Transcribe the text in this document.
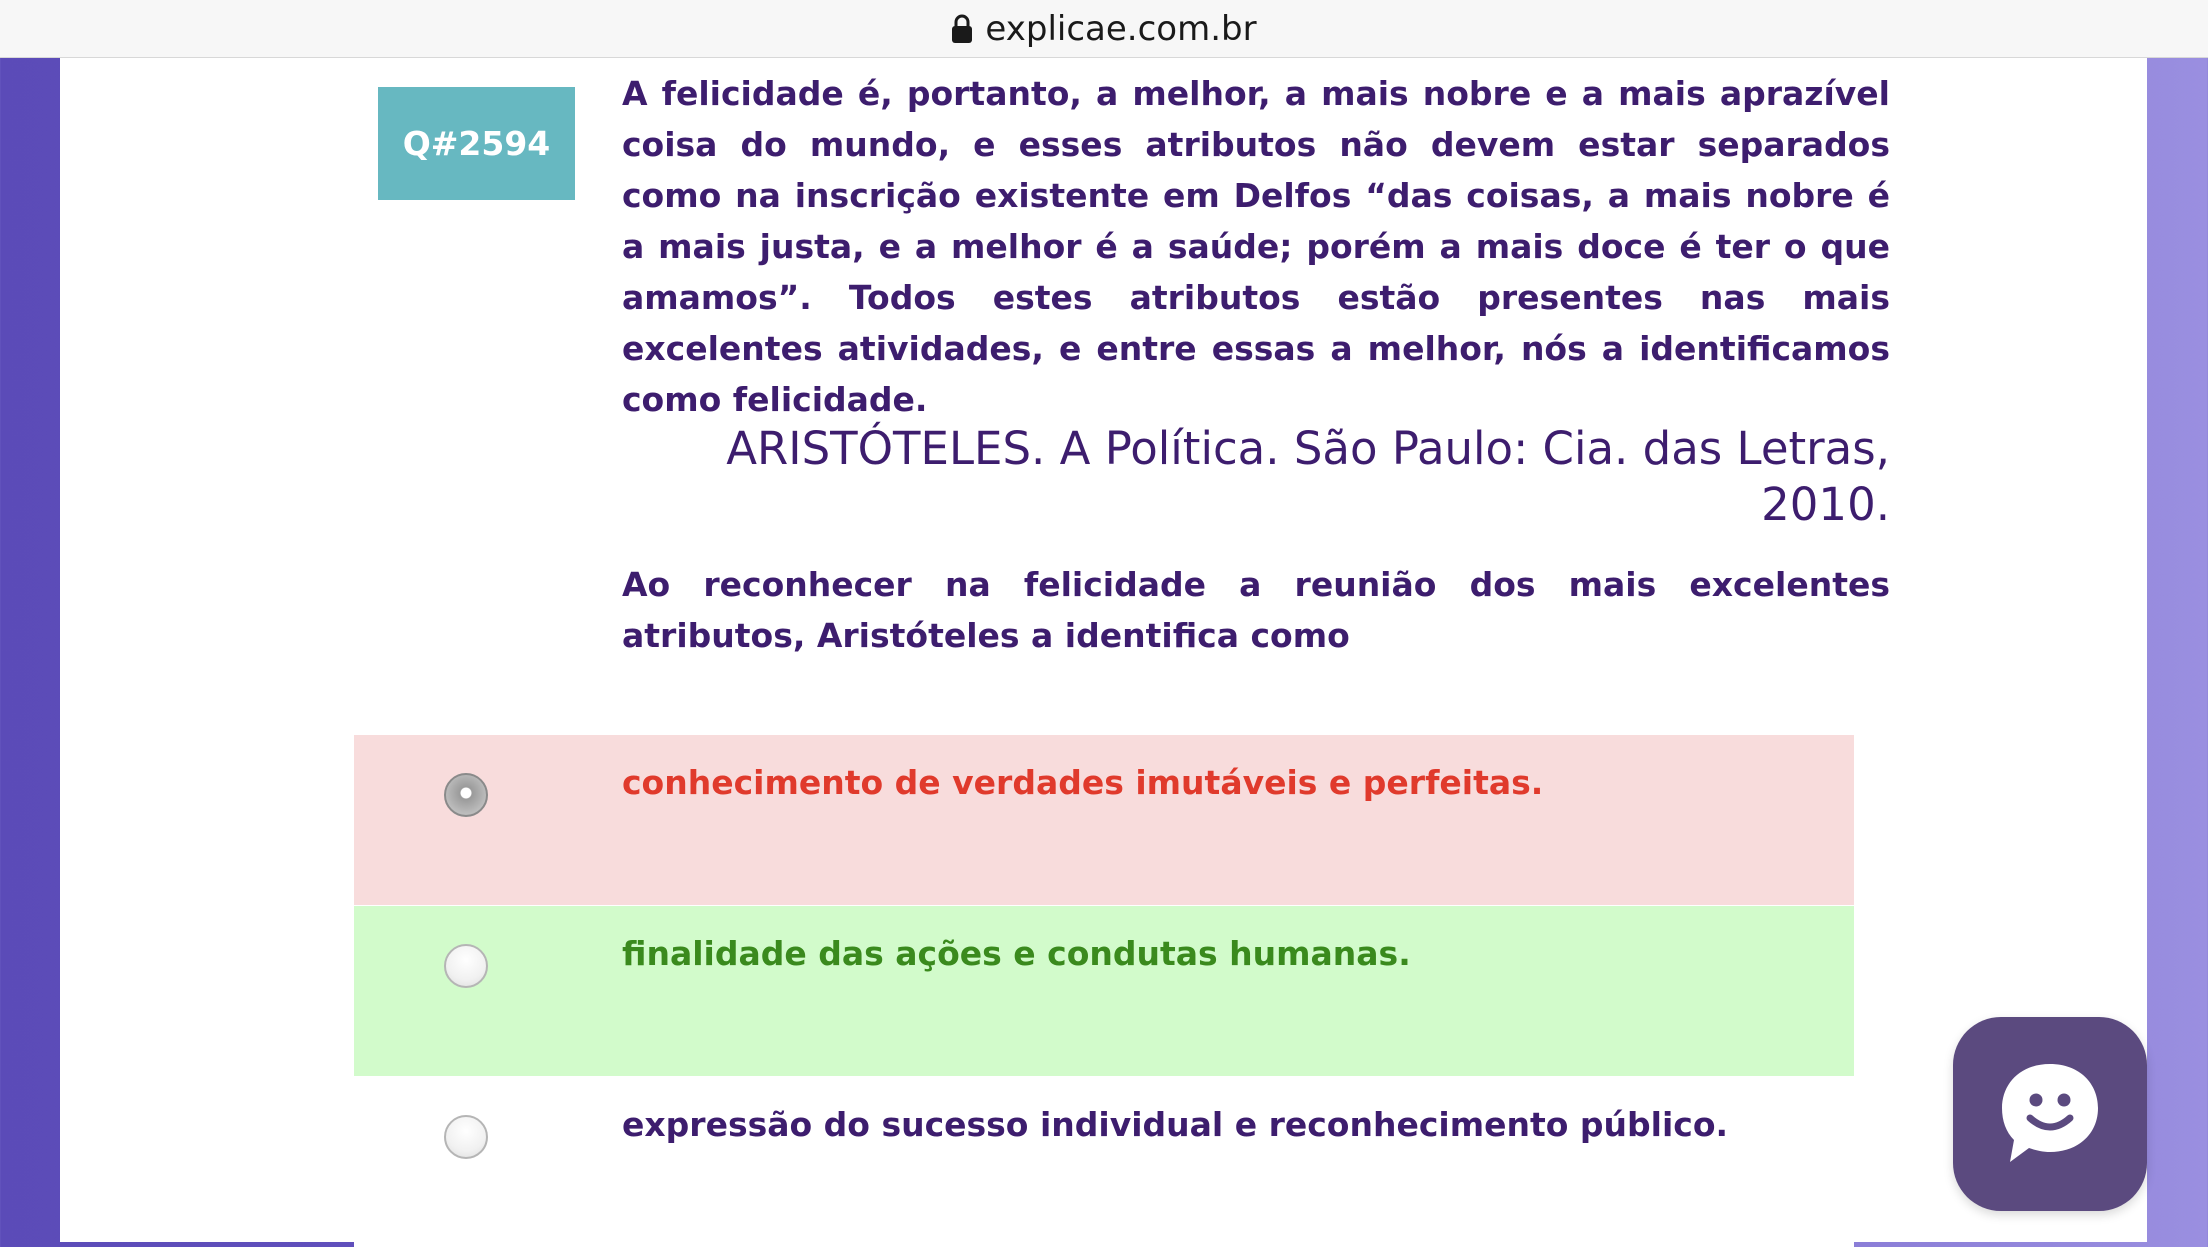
explicae.com.br
Q#2594

A felicidade é, portanto, a melhor, a mais nobre e a mais aprazível coisa do mundo, e esses atributos não devem estar separados como na inscrição existente em Delfos “das coisas, a mais nobre é a mais justa, e a melhor é a saúde; porém a mais doce é ter o que amamos”. Todos estes atributos estão presentes nas mais excelentes atividades, e entre essas a melhor, nós a identificamos como felicidade.

ARISTÓTELES. A Política. São Paulo: Cia. das Letras, 2010.

Ao reconhecer na felicidade a reunião dos mais excelentes atributos, Aristóteles a identifica como

conhecimento de verdades imutáveis e perfeitas.

finalidade das ações e condutas humanas.

expressão do sucesso individual e reconhecimento público.
